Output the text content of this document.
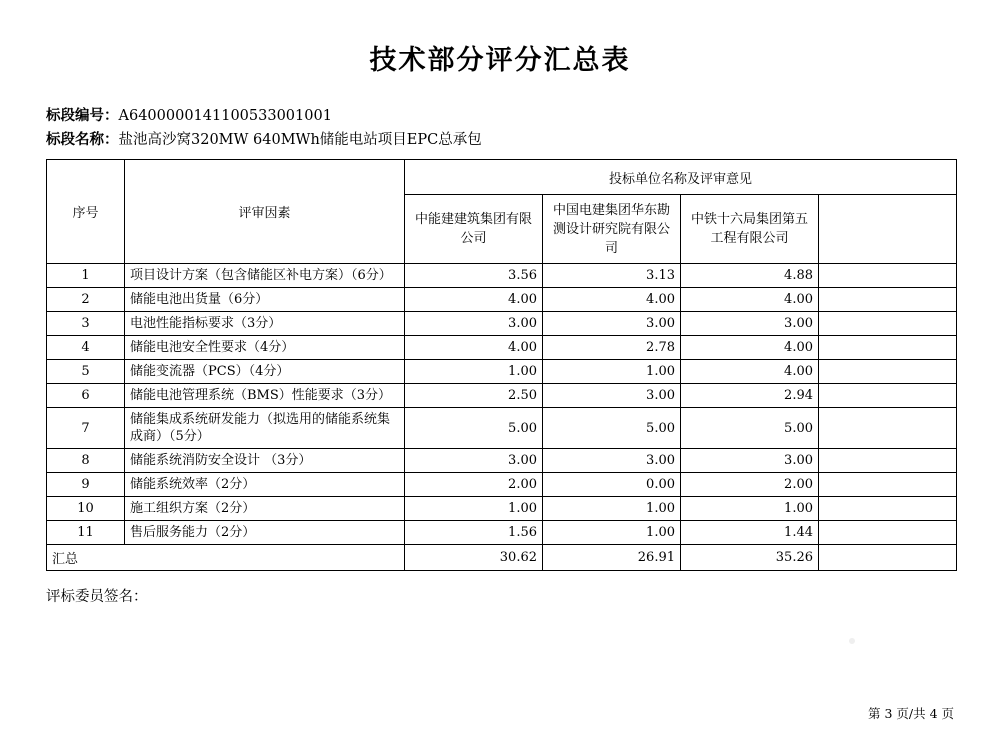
技术部分评分汇总表
标段编号：A6400000141100533001001
标段名称：盐池高沙窝320MW 640MWh储能电站项目EPC总承包
序号	评审因素	投标单位名称及评审意见			
		中能建建筑集团有限公司	中国电建集团华东勘测设计研究院有限公司	中铁十六局集团第五工程有限公司	
1	项目设计方案（包含储能区补电方案）（6分）	3.56	3.13	4.88	
2	储能电池出货量（6分）	4.00	4.00	4.00	
3	电池性能指标要求（3分）	3.00	3.00	3.00	
4	储能电池安全性要求（4分）	4.00	2.78	4.00	
5	储能变流器（PCS）（4分）	1.00	1.00	4.00	
6	储能电池管理系统（BMS）性能要求（3分）	2.50	3.00	2.94	
7	储能集成系统研发能力（拟选用的储能系统集成商）（5分）	5.00	5.00	5.00	
8	储能系统消防安全设计 （3分）	3.00	3.00	3.00	
9	储能系统效率（2分）	2.00	0.00	2.00	
10	施工组织方案（2分）	1.00	1.00	1.00	
11	售后服务能力（2分）	1.56	1.00	1.44	
汇总		30.62	26.91	35.26	
评标委员签名：
第 3 页/共 4 页
